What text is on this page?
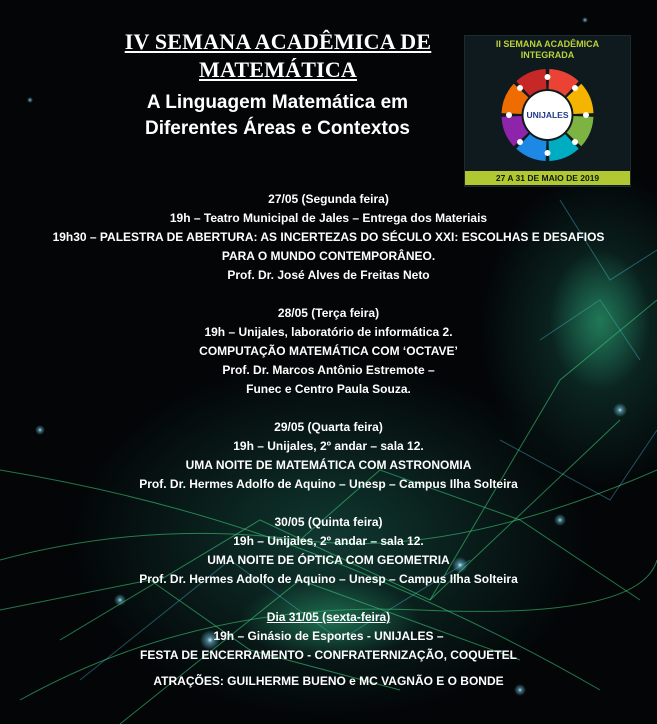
IV SEMANA ACADÊMICA DE
MATEMÁTICA
A Linguagem Matemática em
Diferentes Áreas e Contextos
II SEMANA ACADÊMICA
INTEGRADA
UNIJALES
27 A 31 DE MAIO DE 2019
27/05 (Segunda feira)
19h – Teatro Municipal de Jales – Entrega dos Materiais
19h30 – PALESTRA DE ABERTURA: AS INCERTEZAS DO SÉCULO XXI: ESCOLHAS E DESAFIOS
PARA O MUNDO CONTEMPORÂNEO.
Prof. Dr. José Alves de Freitas Neto
28/05 (Terça feira)
19h – Unijales, laboratório de informática 2.
COMPUTAÇÃO MATEMÁTICA COM ‘OCTAVE’
Prof. Dr. Marcos Antônio Estremote –
Funec e Centro Paula Souza.
29/05 (Quarta feira)
19h – Unijales, 2º andar – sala 12.
UMA NOITE DE MATEMÁTICA COM ASTRONOMIA
Prof. Dr. Hermes Adolfo de Aquino – Unesp – Campus Ilha Solteira
30/05 (Quinta feira)
19h – Unijales, 2º andar – sala 12.
UMA NOITE DE ÓPTICA COM GEOMETRIA
Prof. Dr. Hermes Adolfo de Aquino – Unesp – Campus Ilha Solteira
Dia 31/05 (sexta-feira)
19h – Ginásio de Esportes - UNIJALES –
FESTA DE ENCERRAMENTO - CONFRATERNIZAÇÃO, COQUETEL
ATRAÇÕES: GUILHERME BUENO e MC VAGNÃO E O BONDE
